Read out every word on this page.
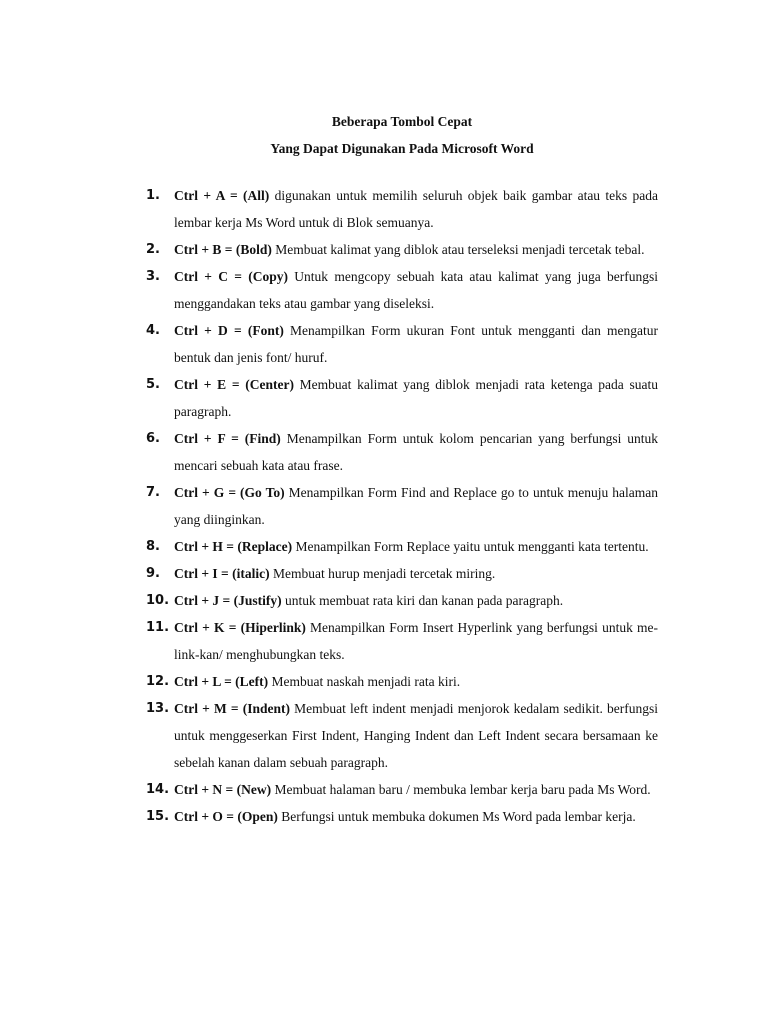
Beberapa Tombol Cepat
Yang Dapat Digunakan Pada Microsoft Word
1. Ctrl + A = (All) digunakan untuk memilih seluruh objek baik gambar atau teks pada lembar kerja Ms Word untuk di Blok semuanya.
2. Ctrl + B = (Bold) Membuat kalimat yang diblok atau terseleksi menjadi tercetak tebal.
3. Ctrl + C = (Copy) Untuk mengcopy sebuah kata atau kalimat yang juga berfungsi menggandakan teks atau gambar yang diseleksi.
4. Ctrl + D = (Font) Menampilkan Form ukuran Font untuk mengganti dan mengatur bentuk dan jenis font/ huruf.
5. Ctrl + E = (Center) Membuat kalimat yang diblok menjadi rata ketenga pada suatu paragraph.
6. Ctrl + F = (Find) Menampilkan Form untuk kolom pencarian yang berfungsi untuk mencari sebuah kata atau frase.
7. Ctrl + G = (Go To) Menampilkan Form Find and Replace go to untuk menuju halaman yang diinginkan.
8. Ctrl + H = (Replace) Menampilkan Form Replace yaitu untuk mengganti kata tertentu.
9. Ctrl + I = (italic) Membuat hurup menjadi tercetak miring.
10. Ctrl + J = (Justify) untuk membuat rata kiri dan kanan pada paragraph.
11. Ctrl + K = (Hiperlink) Menampilkan Form Insert Hyperlink yang berfungsi untuk me-link-kan/ menghubungkan teks.
12. Ctrl + L = (Left) Membuat naskah menjadi rata kiri.
13. Ctrl + M = (Indent) Membuat left indent menjadi menjorok kedalam sedikit. berfungsi untuk menggeserkan First Indent, Hanging Indent dan Left Indent secara bersamaan ke sebelah kanan dalam sebuah paragraph.
14. Ctrl + N = (New) Membuat halaman baru / membuka lembar kerja baru pada Ms Word.
15. Ctrl + O = (Open) Berfungsi untuk membuka dokumen Ms Word pada lembar kerja.
